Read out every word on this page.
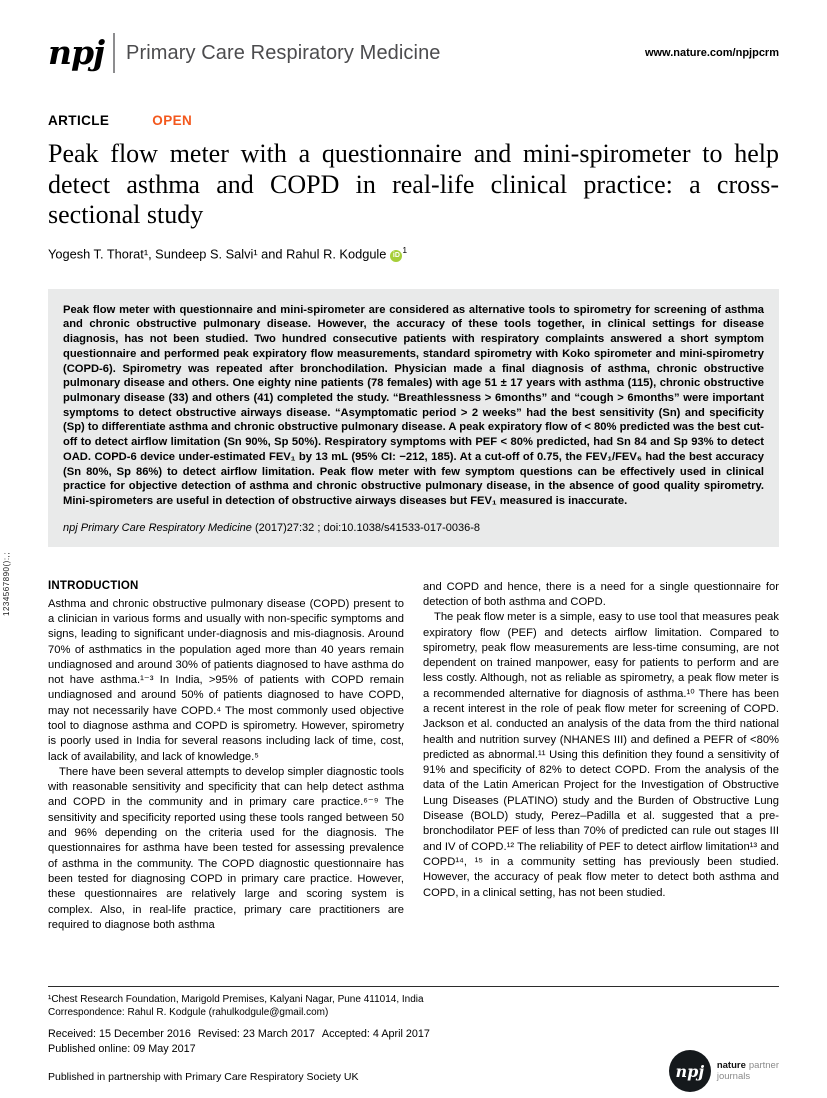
1234567890():,;
npj Primary Care Respiratory Medicine	www.nature.com/npjpcrm
ARTICLE	OPEN
Peak flow meter with a questionnaire and mini-spirometer to help detect asthma and COPD in real-life clinical practice: a cross-sectional study
Yogesh T. Thorat¹, Sundeep S. Salvi¹ and Rahul R. Kodgule $iD^1$

Peak flow meter with questionnaire and mini-spirometer are considered as alternative tools to spirometry for screening of asthma and chronic obstructive pulmonary disease. However, the accuracy of these tools together, in clinical settings for disease diagnosis, has not been studied. Two hundred consecutive patients with respiratory complaints answered a short symptom questionnaire and performed peak expiratory flow measurements, standard spirometry with Koko spirometer and mini-spirometry (COPD-6). Spirometry was repeated after bronchodilation. Physician made a final diagnosis of asthma, chronic obstructive pulmonary disease and others. One eighty nine patients (78 females) with age 51 ± 17 years with asthma (115), chronic obstructive pulmonary disease (33) and others (41) completed the study. “Breathlessness > 6months” and “cough > 6months” were important symptoms to detect obstructive airways disease. “Asymptomatic period > 2 weeks” had the best sensitivity (Sn) and specificity (Sp) to differentiate asthma and chronic obstructive pulmonary disease. A peak expiratory flow of < 80% predicted was the best cut-off to detect airflow limitation (Sn 90%, Sp 50%). Respiratory symptoms with PEF < 80% predicted, had Sn 84 and Sp 93% to detect OAD. COPD-6 device under-estimated FEV₁ by 13 mL (95% CI: −212, 185). At a cut-off of 0.75, the FEV₁/FEV₆ had the best accuracy (Sn 80%, Sp 86%) to detect airflow limitation. Peak flow meter with few symptom questions can be effectively used in clinical practice for objective detection of asthma and chronic obstructive pulmonary disease, in the absence of good quality spirometry. Mini-spirometers are useful in detection of obstructive airways diseases but FEV₁ measured is inaccurate.

npj Primary Care Respiratory Medicine (2017)27:32 ; doi:10.1038/s41533-017-0036-8

INTRODUCTION

Asthma and chronic obstructive pulmonary disease (COPD) present to a clinician in various forms and usually with non-specific symptoms and signs, leading to significant under-diagnosis and mis-diagnosis. Around 70% of asthmatics in the population aged more than 40 years remain undiagnosed and around 30% of patients diagnosed to have asthma do not have asthma.¹⁻³ In India, >95% of patients with COPD remain undiagnosed and around 50% of patients diagnosed to have COPD, may not necessarily have COPD.⁴ The most commonly used objective tool to diagnose asthma and COPD is spirometry. However, spirometry is poorly used in India for several reasons including lack of time, cost, lack of availability, and lack of knowledge.⁵

There have been several attempts to develop simpler diagnostic tools with reasonable sensitivity and specificity that can help detect asthma and COPD in the community and in primary care practice.⁶⁻⁹ The sensitivity and specificity reported using these tools ranged between 50 and 96% depending on the criteria used for the diagnosis. The questionnaires for asthma have been tested for assessing prevalence of asthma in the community. The COPD diagnostic questionnaire has been tested for diagnosing COPD in primary care practice. However, these questionnaires are relatively large and scoring system is complex. Also, in real-life practice, primary care practitioners are required to diagnose both asthma

and COPD and hence, there is a need for a single questionnaire for detection of both asthma and COPD.

The peak flow meter is a simple, easy to use tool that measures peak expiratory flow (PEF) and detects airflow limitation. Compared to spirometry, peak flow measurements are less-time consuming, are not dependent on trained manpower, easy for patients to perform and are less costly. Although, not as reliable as spirometry, a peak flow meter is a recommended alternative for diagnosis of asthma.¹⁰ There has been a recent interest in the role of peak flow meter for screening of COPD. Jackson et al. conducted an analysis of the data from the third national health and nutrition survey (NHANES III) and defined a PEFR of <80% predicted as abnormal.¹¹ Using this definition they found a sensitivity of 91% and specificity of 82% to detect COPD. From the analysis of the data of the Latin American Project for the Investigation of Obstructive Lung Diseases (PLATINO) study and the Burden of Obstructive Lung Disease (BOLD) study, Perez–Padilla et al. suggested that a pre-bronchodilator PEF of less than 70% of predicted can rule out stages III and IV of COPD.¹² The reliability of PEF to detect airflow limitation¹³ and COPD¹⁴, ¹⁵ in a community setting has previously been studied. However, the accuracy of peak flow meter to detect both asthma and COPD, in a clinical setting, has not been studied.

¹Chest Research Foundation, Marigold Premises, Kalyani Nagar, Pune 411014, India

Correspondence: Rahul R. Kodgule (rahulkodgule@gmail.com)

Received: 15 December 2016 Revised: 23 March 2017 Accepted: 4 April 2017

Published online: 09 May 2017

Published in partnership with Primary Care Respiratory Society UK	npj nature partner
journals
